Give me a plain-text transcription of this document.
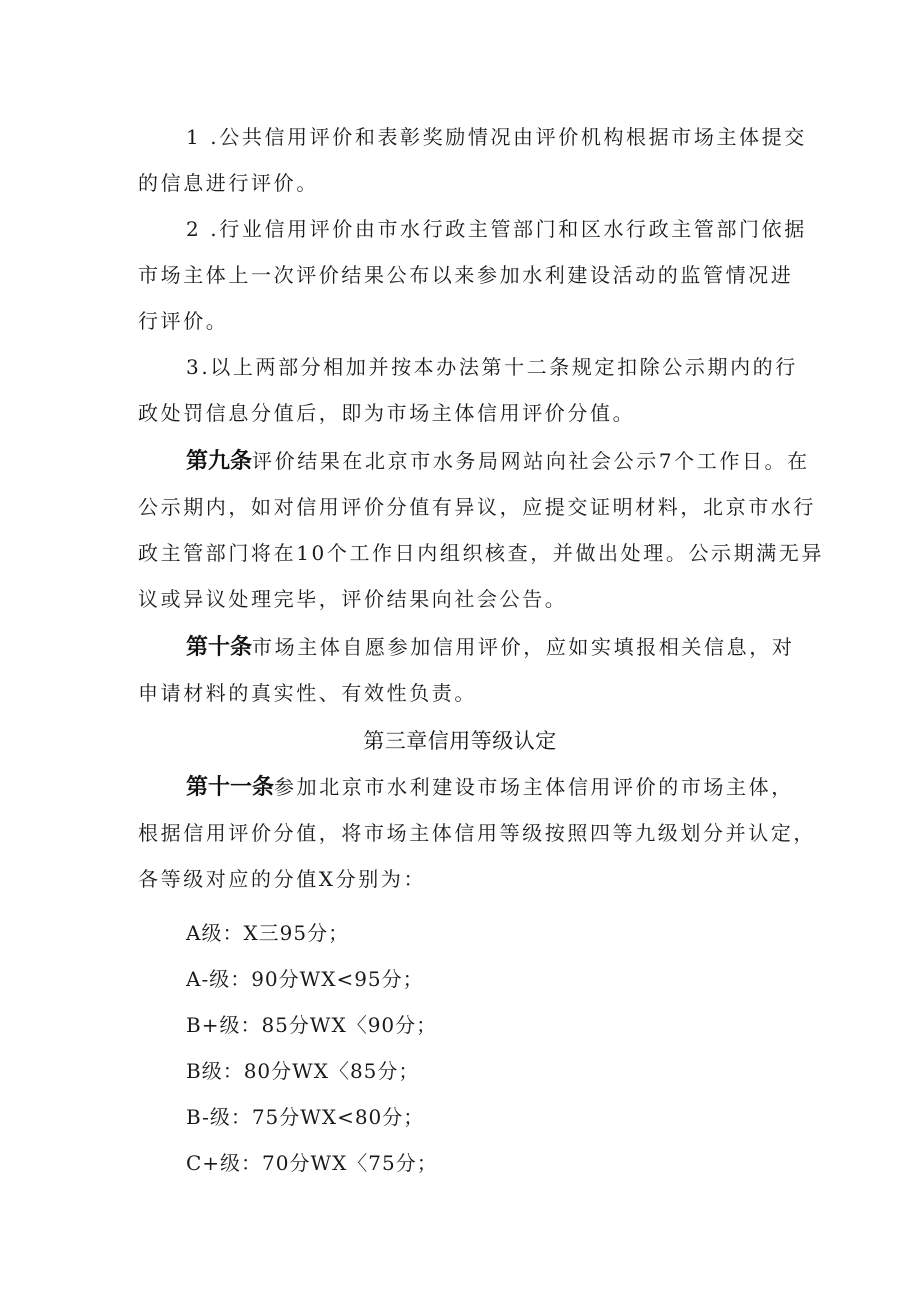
1 .公共信用评价和表彰奖励情况由评价机构根据市场主体提交
的信息进行评价。
2 .行业信用评价由市水行政主管部门和区水行政主管部门依据
市场主体上一次评价结果公布以来参加水利建设活动的监管情况进
行评价。
3.以上两部分相加并按本办法第十二条规定扣除公示期内的行
政处罚信息分值后，即为市场主体信用评价分值。
第九条评价结果在北京市水务局网站向社会公示7个工作日。在
公示期内，如对信用评价分值有异议，应提交证明材料，北京市水行
政主管部门将在10个工作日内组织核查，并做出处理。公示期满无异
议或异议处理完毕，评价结果向社会公告。
第十条市场主体自愿参加信用评价，应如实填报相关信息，对
申请材料的真实性、有效性负责。
第三章信用等级认定
第十一条参加北京市水利建设市场主体信用评价的市场主体，
根据信用评价分值，将市场主体信用等级按照四等九级划分并认定，
各等级对应的分值X分别为：
A级：X三95分；
A-级：90分WX<95分；
B+级：85分WX〈90分；
B级：80分WX〈85分；
B-级：75分WX<80分；
C+级：70分WX〈75分；
